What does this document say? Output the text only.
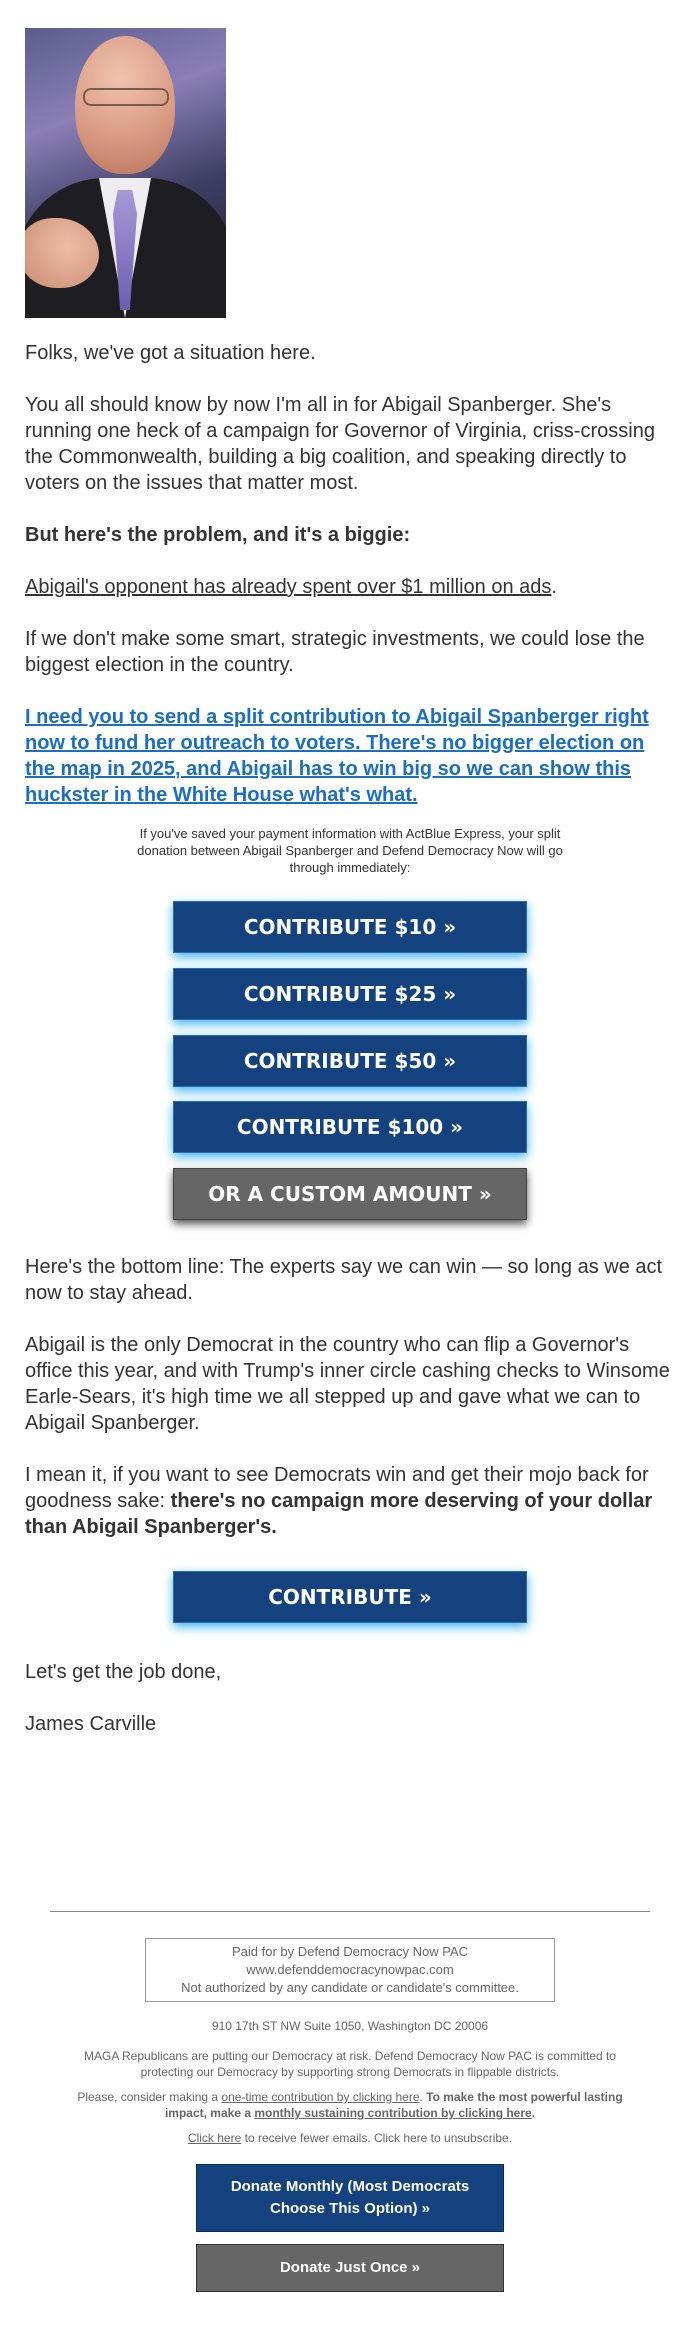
Folks, we've got a situation here.

You all should know by now I'm all in for Abigail Spanberger. She's running one heck of a campaign for Governor of Virginia, criss-crossing the Commonwealth, building a big coalition, and speaking directly to voters on the issues that matter most.

But here's the problem, and it's a biggie:

Abigail's opponent has already spent over $1 million on ads.

If we don't make some smart, strategic investments, we could lose the biggest election in the country.

I need you to send a split contribution to Abigail Spanberger right now to fund her outreach to voters. There's no bigger election on the map in 2025, and Abigail has to win big so we can show this huckster in the White House what's what.

If you've saved your payment information with ActBlue Express, your split donation between Abigail Spanberger and Defend Democracy Now will go through immediately:

CONTRIBUTE $10 »
CONTRIBUTE $25 »
CONTRIBUTE $50 »
CONTRIBUTE $100 »
OR A CUSTOM AMOUNT »

Here's the bottom line: The experts say we can win — so long as we act now to stay ahead.

Abigail is the only Democrat in the country who can flip a Governor's office this year, and with Trump's inner circle cashing checks to Winsome Earle-Sears, it's high time we all stepped up and gave what we can to Abigail Spanberger.

I mean it, if you want to see Democrats win and get their mojo back for goodness sake: there's no campaign more deserving of your dollar than Abigail Spanberger's.

CONTRIBUTE »

Let's get the job done,

James Carville

Paid for by Defend Democracy Now PAC
www.defenddemocracynowpac.com
Not authorized by any candidate or candidate's committee.

910 17th ST NW Suite 1050, Washington DC 20006

MAGA Republicans are putting our Democracy at risk. Defend Democracy Now PAC is committed to protecting our Democracy by supporting strong Democrats in flippable districts.

Please, consider making a one-time contribution by clicking here. To make the most powerful lasting impact, make a monthly sustaining contribution by clicking here.

Click here to receive fewer emails. Click here to unsubscribe.

Donate Monthly (Most Democrats Choose This Option) »
Donate Just Once »
